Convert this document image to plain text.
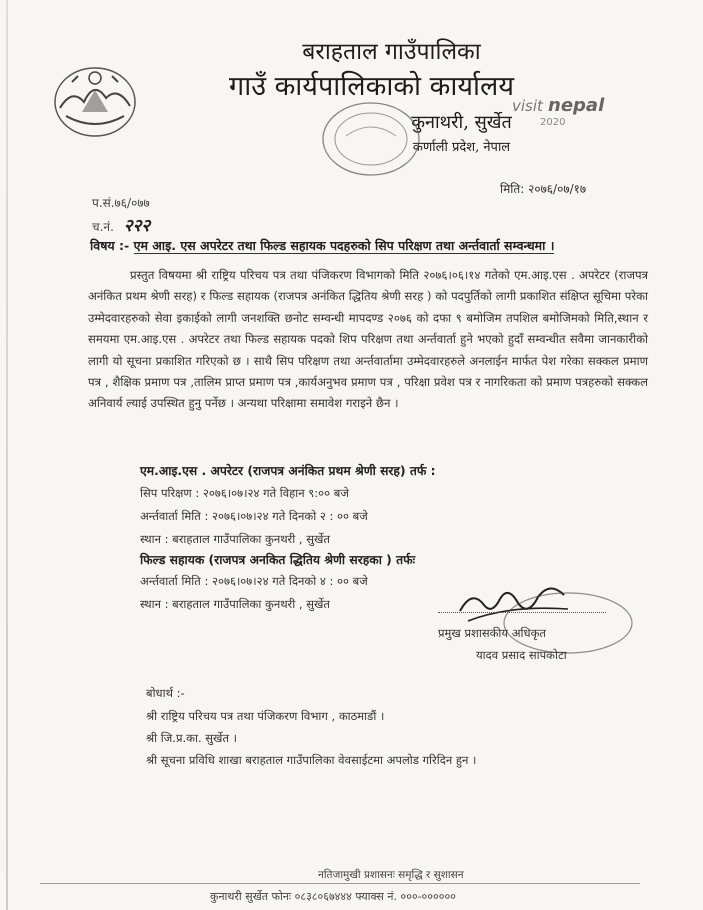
बराहताल गाउँपालिका
गाउँ कार्यपालिकाको कार्यालय
कुनाथरी, सुर्खेत
कर्णाली प्रदेश, नेपाल
visit nepal
2020
मिति: २०७६/०७/१७
प.सं.७६/०७७
च.नं. २२२
विषय :- एम आइ. एस अपरेटर तथा फिल्ड सहायक पदहरुको सिप परिक्षण तथा अर्न्तवार्ता सम्वन्धमा ।
प्रस्तुत विषयमा श्री राष्ट्रिय परिचय पत्र तथा पंजिकरण विभागको मिति २०७६।०६।१४ गतेको एम.आइ.एस . अपरेटर (राजपत्र अनंकित प्रथम श्रेणी सरह) र फिल्ड सहायक (राजपत्र अनंकित द्धितिय श्रेणी सरह ) को पदपुर्तिको लागी प्रकाशित संक्षिप्त सूचिमा परेका उम्मेदवारहरुको सेवा इकाईको लागी जनशक्ति छनोट सम्वन्धी मापदण्ड २०७६ को दफा ९ बमोजिम तपशिल बमोजिमको मिति,स्थान र समयमा एम.आइ.एस . अपरेटर तथा फिल्ड सहायक पदको शिप परिक्षण तथा अर्न्तवार्ता हुने भएको हुदाँ सम्वन्धीत सवैमा जानकारीको लागी यो सूचना प्रकाशित गरिएको छ । साथै सिप परिक्षण तथा अर्न्तवार्तामा उम्मेदवारहरुले अनलाईन मार्फत पेश गरेका सक्कल प्रमाण पत्र , शैक्षिक प्रमाण पत्र ,तालिम प्राप्त प्रमाण पत्र ,कार्यअनुभव प्रमाण पत्र , परिक्षा प्रवेश पत्र र नागरिकता को प्रमाण पत्रहरुको सक्कल अनिवार्य ल्याई उपस्थित हुनु पर्नेछ । अन्यथा परिक्षामा समावेश गराइने छैन ।
एम.आइ.एस . अपरेटर (राजपत्र अनंकित प्रथम श्रेणी सरह) तर्फ :
सिप परिक्षण : २०७६।०७।२४ गते विहान ९:०० बजे
अर्न्तवार्ता मिति : २०७६।०७।२४ गते दिनको २ : ०० बजे
स्थान : बराहताल गाउँपालिका कुनथरी , सुर्खेत
फिल्ड सहायक (राजपत्र अनकित द्धितिय श्रेणी सरहका ) तर्फः
अर्न्तवार्ता मिति : २०७६।०७।२४ गते दिनको ४ : ०० बजे
स्थान : बराहताल गाउँपालिका कुनथरी , सुर्खेत
प्रमुख प्रशासकीय अधिकृत
यादव प्रसाद सापकोटा
बोधार्थ :-
श्री राष्ट्रिय परिचय पत्र तथा पंजिकरण विभाग , काठमाडौं ।
श्री जि.प्र.का. सुर्खेत ।
श्री सूचना प्रविधि शाखा बराहताल गाउँपालिका वेवसाईटमा अपलोड गरिदिन हुन ।
नतिजामुखी प्रशासनः समृद्धि र सुशासन
कुनाथरी सुर्खेत फोनः ०८३८०६७४४४ फ्याक्स नं. ०००-००००००
